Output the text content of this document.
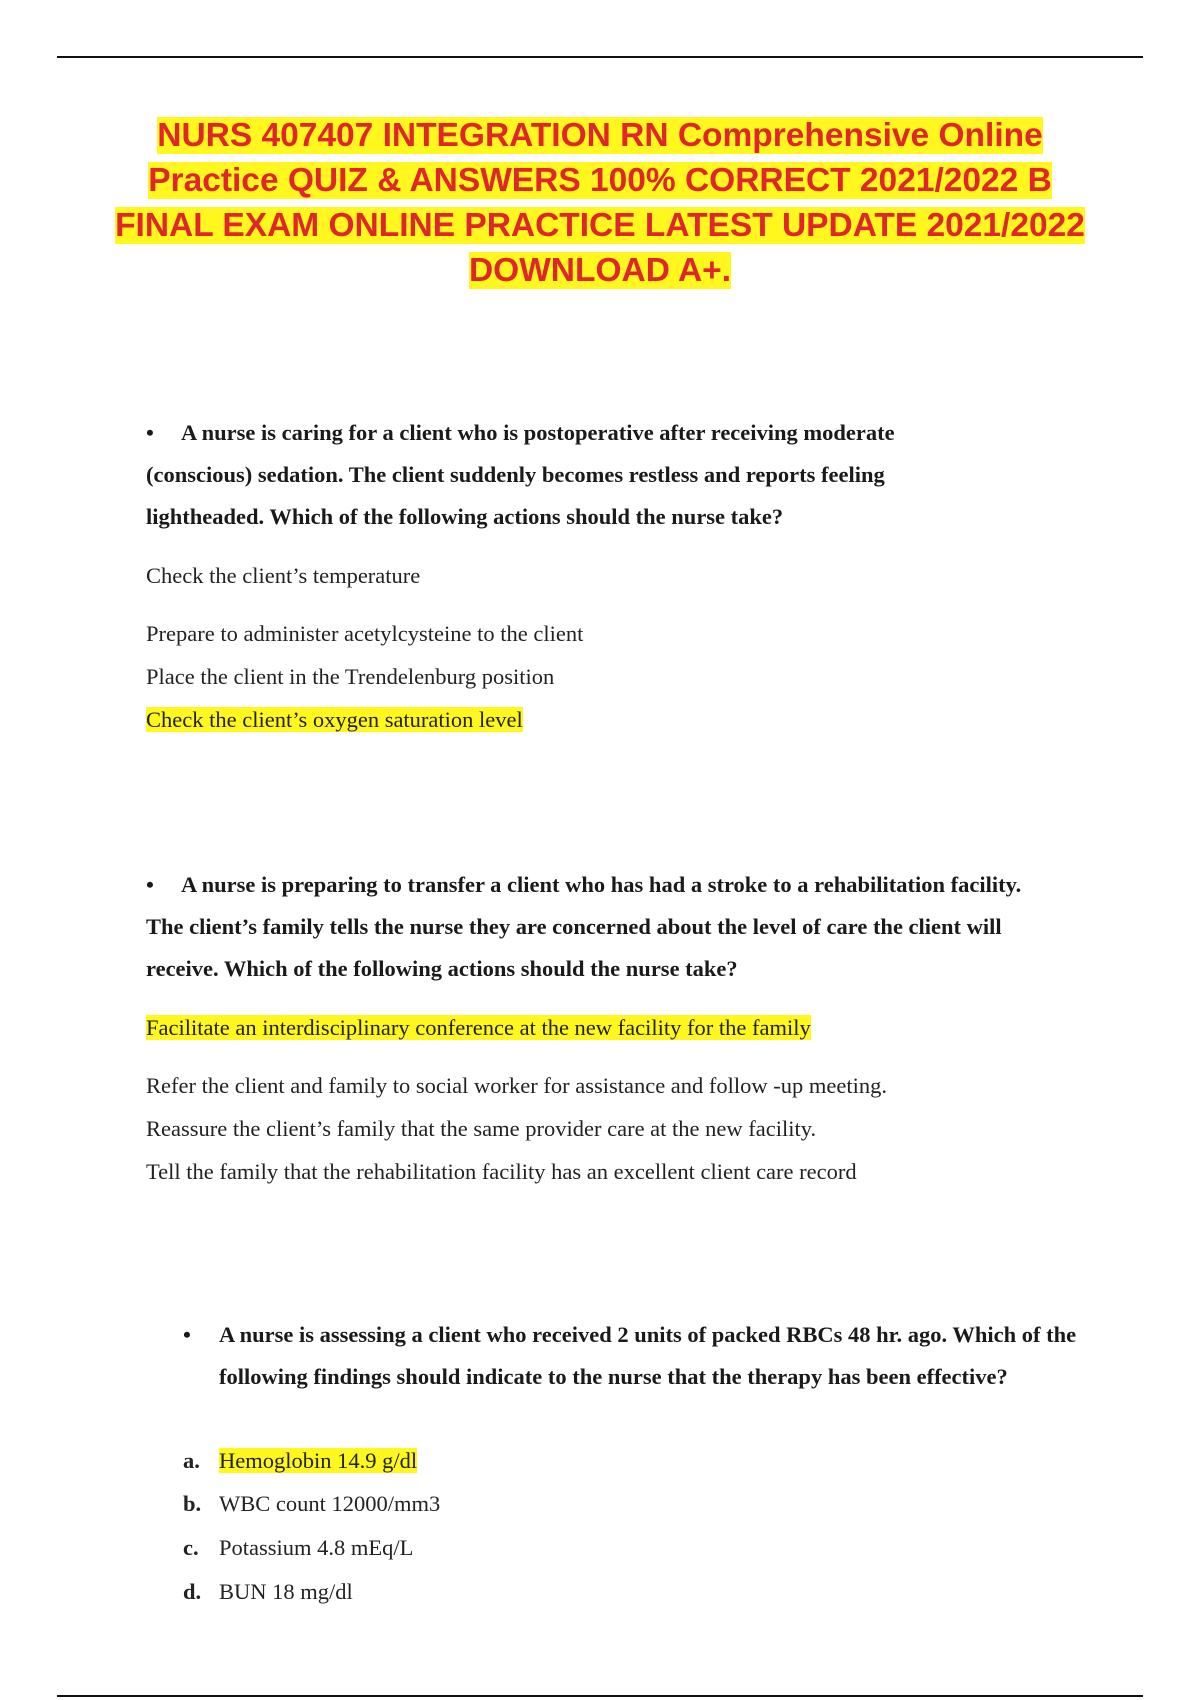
NURS 407407 INTEGRATION RN Comprehensive Online
Practice QUIZ & ANSWERS 100% CORRECT 2021/2022 B
FINAL EXAM ONLINE PRACTICE LATEST UPDATE 2021/2022
DOWNLOAD A+.

• A nurse is caring for a client who is postoperative after receiving moderate (conscious) sedation. The client suddenly becomes restless and reports feeling lightheaded. Which of the following actions should the nurse take?

Check the client’s temperature

Prepare to administer acetylcysteine to the client

Place the client in the Trendelenburg position

Check the client’s oxygen saturation level

• A nurse is preparing to transfer a client who has had a stroke to a rehabilitation facility. The client’s family tells the nurse they are concerned about the level of care the client will receive. Which of the following actions should the nurse take?

Facilitate an interdisciplinary conference at the new facility for the family

Refer the client and family to social worker for assistance and follow -up meeting.

Reassure the client’s family that the same provider care at the new facility.

Tell the family that the rehabilitation facility has an excellent client care record

•	A nurse is assessing a client who received 2 units of packed RBCs 48 hr. ago. Which of the following findings should indicate to the nurse that the therapy has been effective?

a. Hemoglobin 14.9 g/dl
b. WBC count 12000/mm3
c. Potassium 4.8 mEq/L
d. BUN 18 mg/dl
